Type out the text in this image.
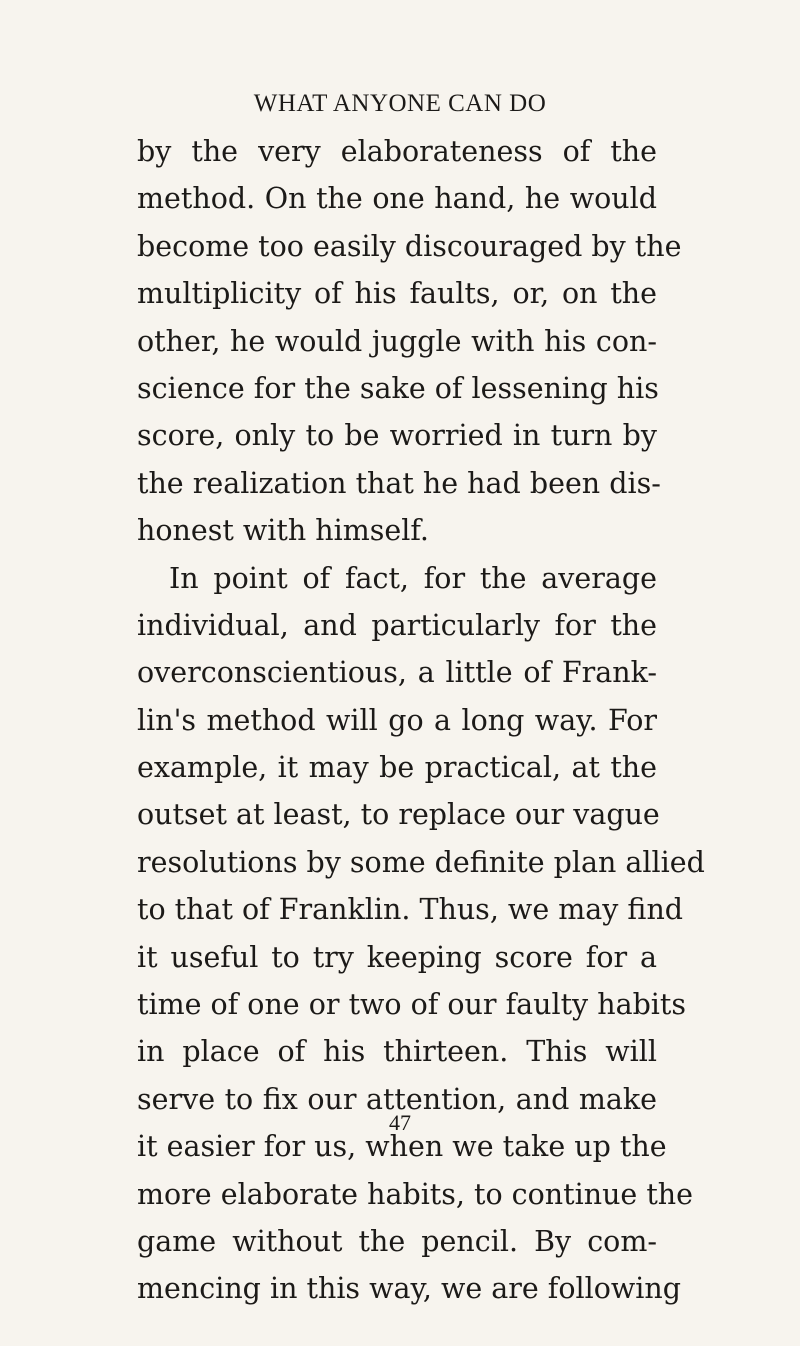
WHAT ANYONE CAN DO
by the very elaborateness of the
method. On the one hand, he would
become too easily discouraged by the
multiplicity of his faults, or, on the
other, he would juggle with his con-
science for the sake of lessening his
score, only to be worried in turn by
the realization that he had been dis-
honest with himself.
In point of fact, for the average
individual, and particularly for the
overconscientious, a little of Frank-
lin's method will go a long way. For
example, it may be practical, at the
outset at least, to replace our vague
resolutions by some definite plan allied
to that of Franklin. Thus, we may find
it useful to try keeping score for a
time of one or two of our faulty habits
in place of his thirteen. This will
serve to fix our attention, and make
it easier for us, when we take up the
more elaborate habits, to continue the
game without the pencil. By com-
mencing in this way, we are following
47
